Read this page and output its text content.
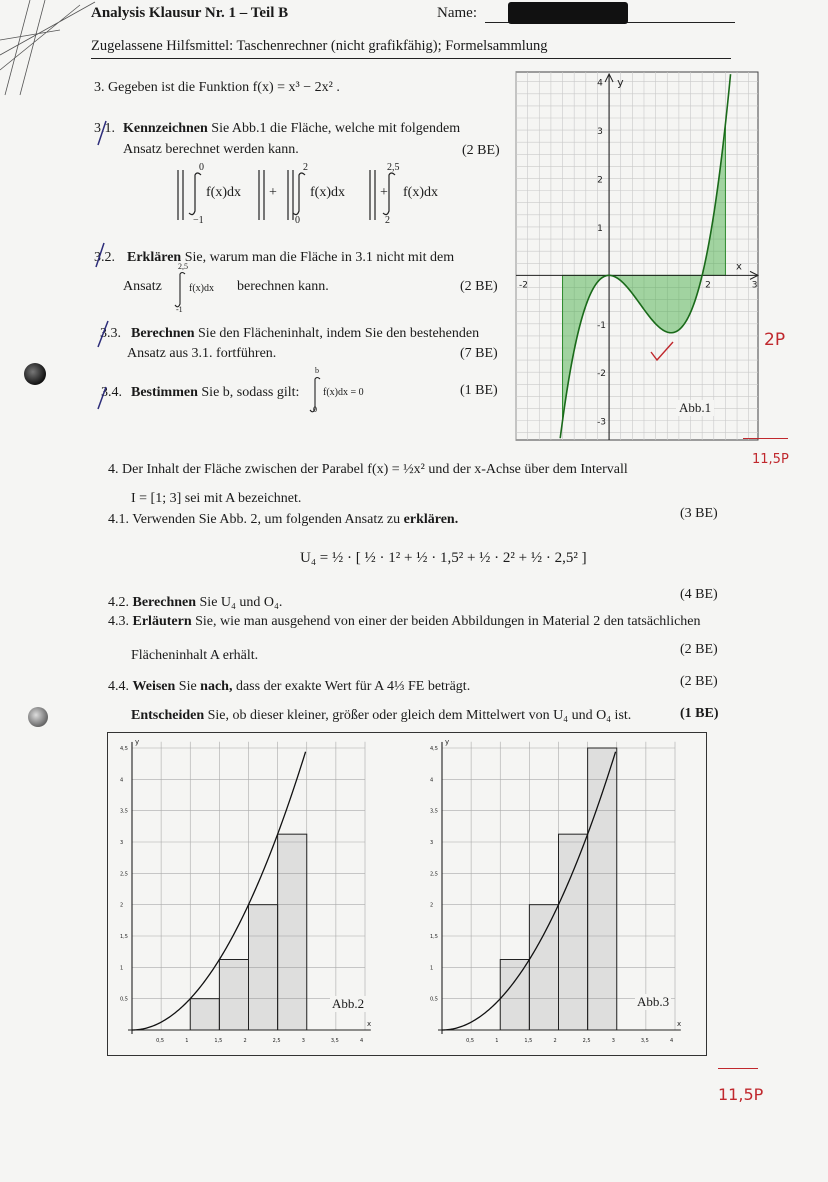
Analysis Klausur Nr. 1 – Teil B	Name:
Zugelassene Hilfsmittel: Taschenrechner (nicht grafikfähig); Formelsammlung
3. Gegeben ist die Funktion f(x) = x³ − 2x² .
3.1. Kennzeichnen Sie Abb.1 die Fläche, welche mit folgendem
Ansatz berechnet werden kann.	(2 BE)
0
−1
f(x)dx +
2
0
f(x)dx	+
2,5
2
f(x)dx
3.2. Erklären Sie, warum man die Fläche in 3.1 nicht mit dem
Ansatz
2,5
-1
f(x)dx berechnen kann.	(2 BE)
3.3. Berechnen Sie den Flächeninhalt, indem Sie den bestehenden
Ansatz aus 3.1. fortführen.	(7 BE)
3.4. Bestimmen Sie b, sodass gilt:
b
0
f(x)dx = 0	(1 BE)
-2	2	3
4
3
2
1
-1
-2
-3
x
y
Abb.1
2P
11,5P
11,5P
4. Der Inhalt der Fläche zwischen der Parabel f(x) = ½x² und der x-Achse über dem Intervall
I = [1; 3] sei mit A bezeichnet.
4.1. Verwenden Sie Abb. 2, um folgenden Ansatz zu erklären.	(3 BE)
U₄ = ½ · [ ½ · 1² + ½ · 1,5² + ½ · 2² + ½ · 2,5² ]
4.2. Berechnen Sie U₄ und O₄.
(4 BE)
4.3. Erläutern Sie, wie man ausgehend von einer der beiden Abbildungen in Material 2 den tatsächlichen
Flächeninhalt A erhält.	(2 BE)
4.4. Weisen Sie nach, dass der exakte Wert für A 4⅓ FE beträgt.	(2 BE)
Entscheiden Sie, ob dieser kleiner, größer oder gleich dem Mittelwert von U₄ und O₄ ist.	(1 BE)
0,5	1	1,5	2	2,5	3	3,5	4
4,5
4
3,5
3
2,5
2
1,5
1
0,5
x
y
Abb.2
0,5	1	1,5	2	2,5	3	3,5	4
4,5
4
3,5
3
2,5
2
1,5
1
0,5
x
y
Abb.3
